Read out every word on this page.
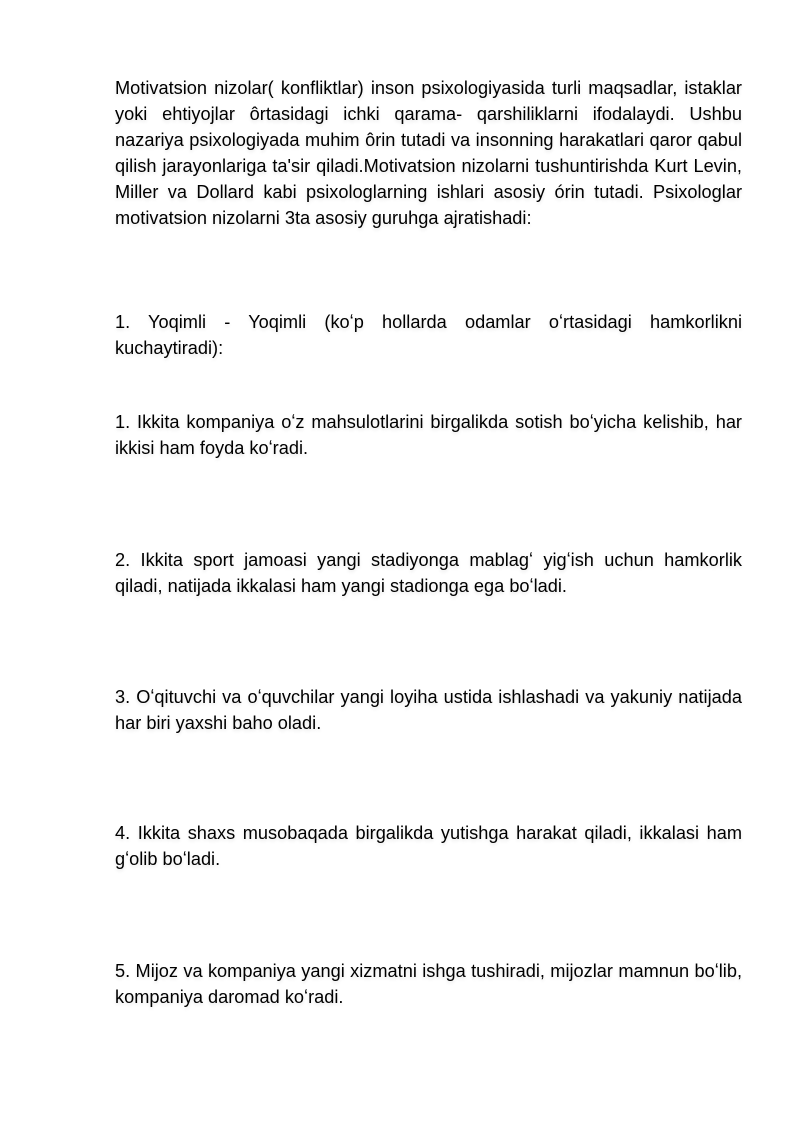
Motivatsion nizolar( konfliktlar) inson psixologiyasida turli maqsadlar, istaklar yoki ehtiyojlar ôrtasidagi ichki qarama- qarshiliklarni ifodalaydi. Ushbu nazariya psixologiyada muhim ôrin tutadi va insonning harakatlari qaror qabul qilish jarayonlariga ta'sir qiladi.Motivatsion nizolarni tushuntirishda Kurt Levin, Miller va Dollard kabi psixologlarning ishlari asosiy órin tutadi. Psixologlar motivatsion nizolarni 3ta asosiy guruhga ajratishadi:

1. Yoqimli - Yoqimli (koʻp hollarda odamlar oʻrtasidagi hamkorlikni kuchaytiradi):

1. Ikkita kompaniya oʻz mahsulotlarini birgalikda sotish boʻyicha kelishib, har ikkisi ham foyda koʻradi.

2. Ikkita sport jamoasi yangi stadiyonga mablagʻ yigʻish uchun hamkorlik qiladi, natijada ikkalasi ham yangi stadionga ega boʻladi.

3. Oʻqituvchi va oʻquvchilar yangi loyiha ustida ishlashadi va yakuniy natijada har biri yaxshi baho oladi.

4. Ikkita shaxs musobaqada birgalikda yutishga harakat qiladi, ikkalasi ham gʻolib boʻladi.

5. Mijoz va kompaniya yangi xizmatni ishga tushiradi, mijozlar mamnun boʻlib, kompaniya daromad koʻradi.
